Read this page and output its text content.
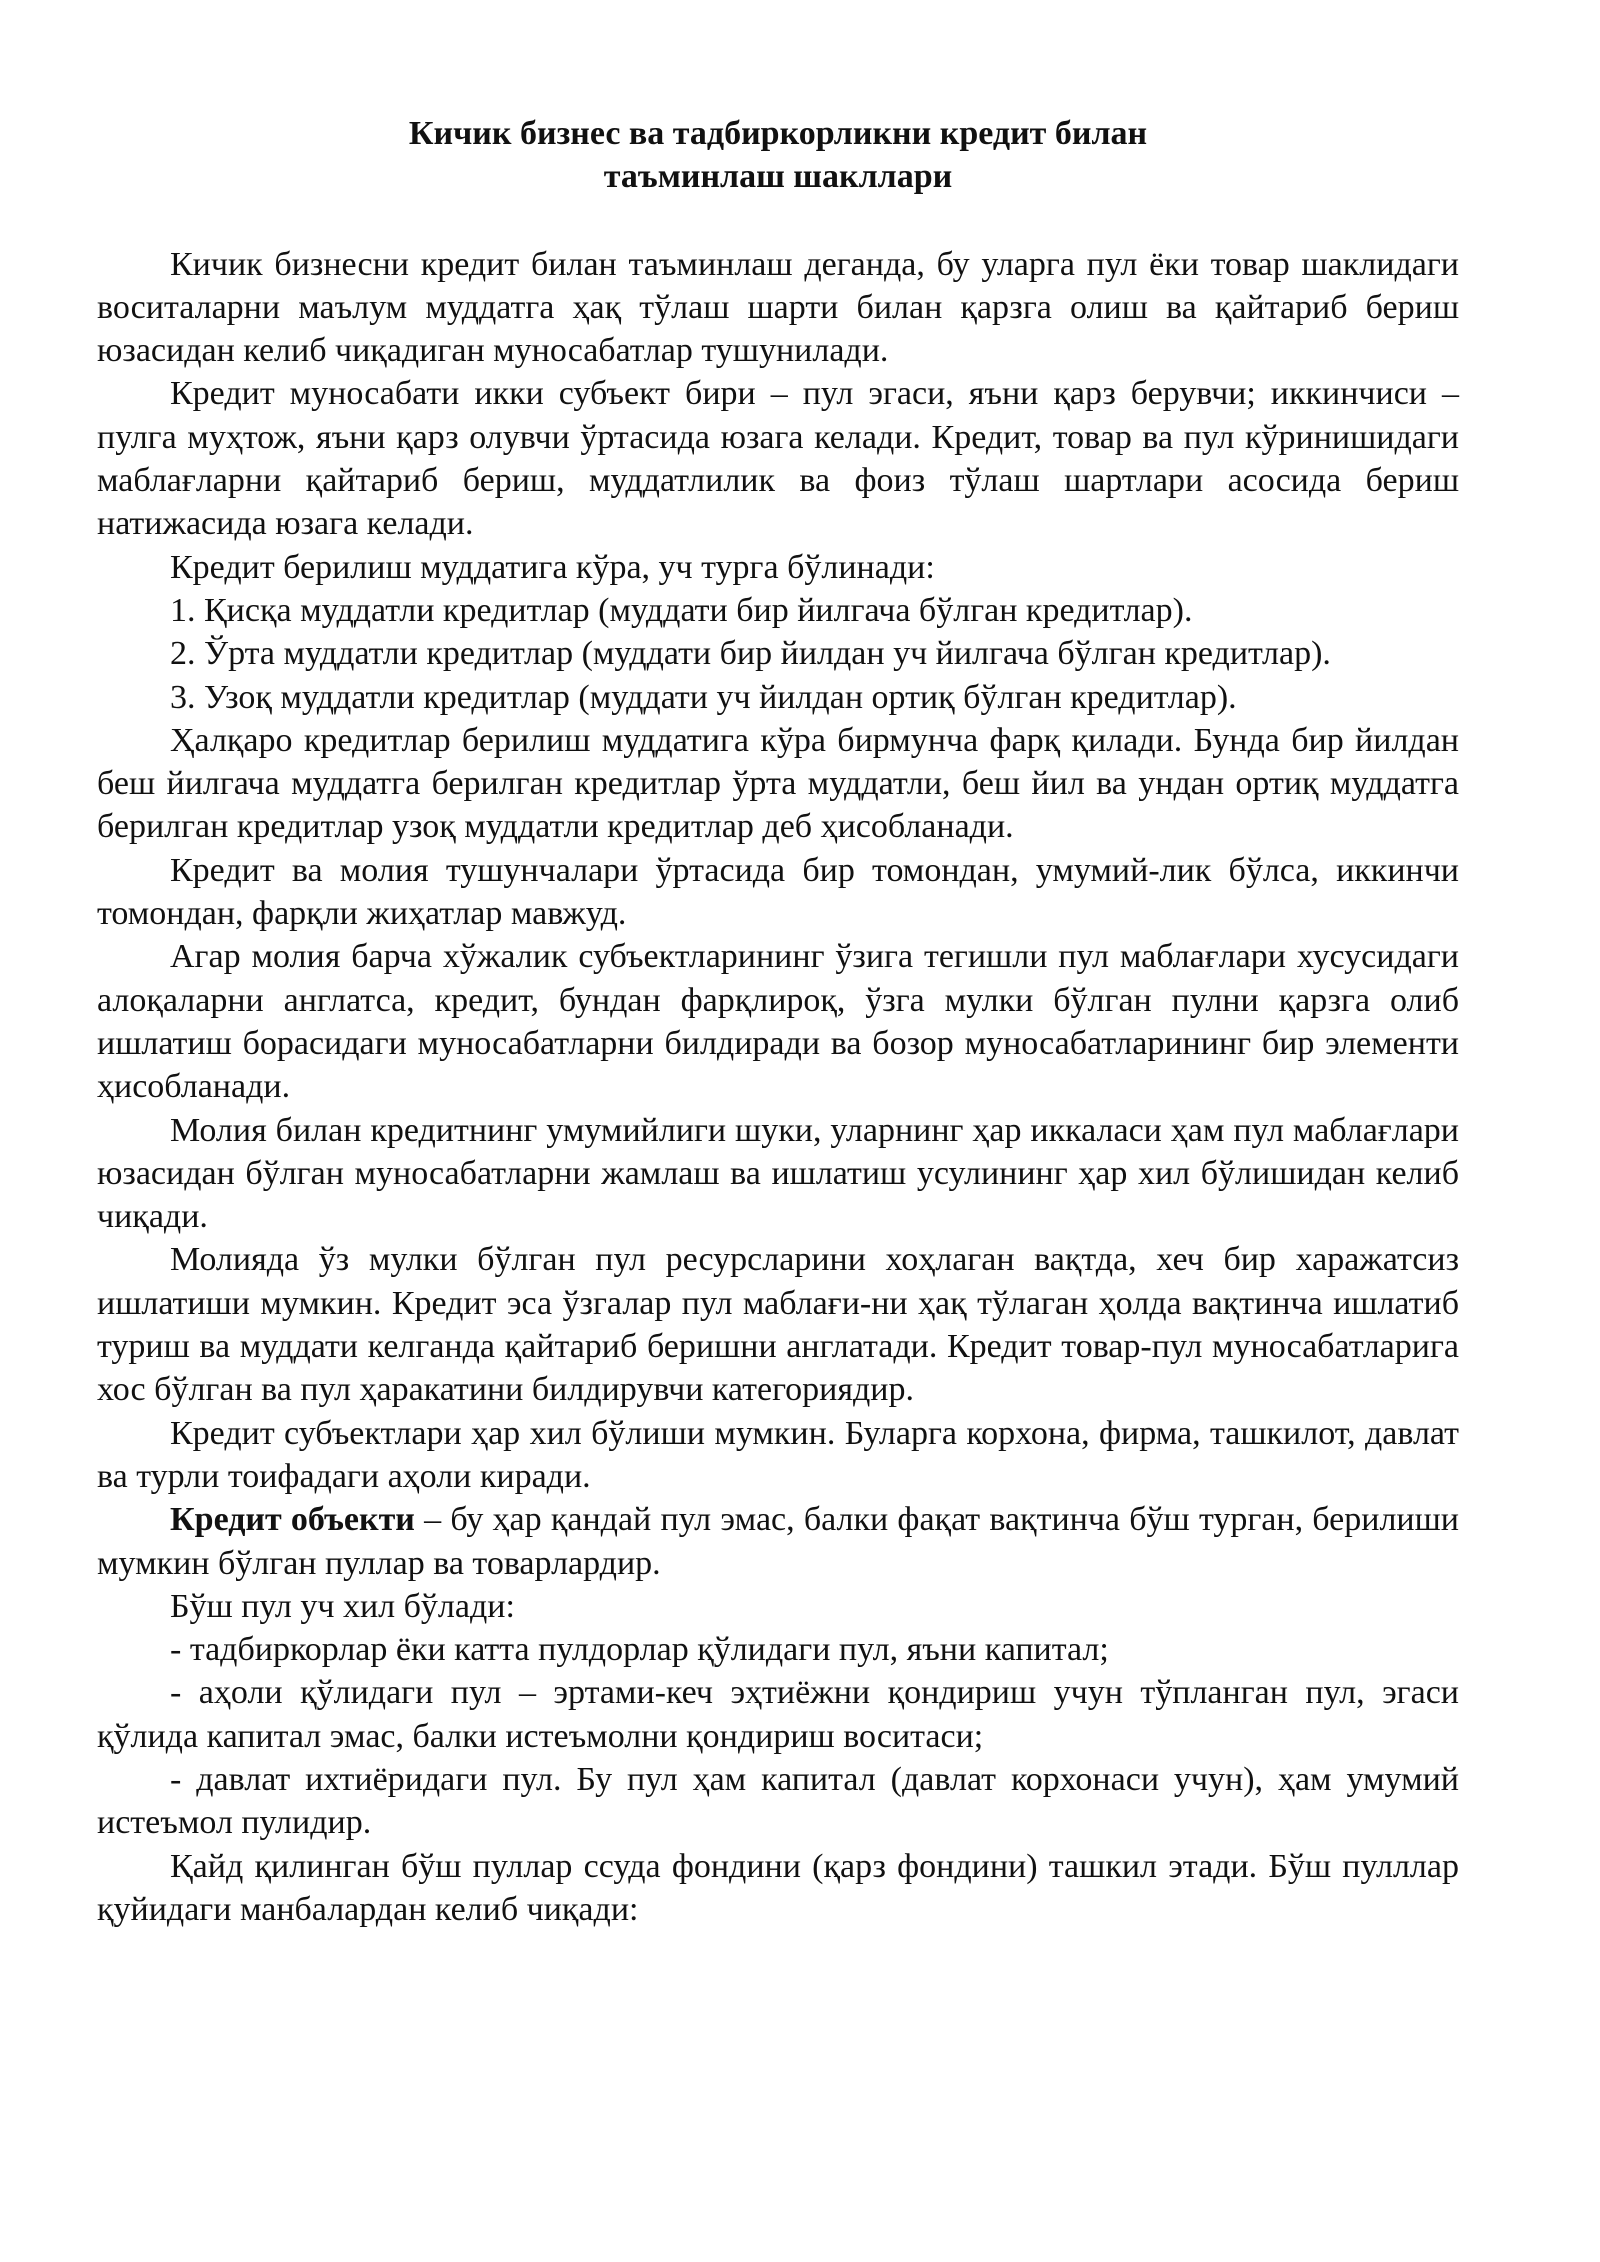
Кичик бизнес ва тадбиркорликни кредит билан
таъминлаш шакллари

Кичик бизнесни кредит билан таъминлаш деганда, бу уларга пул ёки товар шаклидаги воситаларни маълум муддатга ҳақ тўлаш шарти билан қарзга олиш ва қайтариб бериш юзасидан келиб чиқадиган муносабатлар тушунилади.

Кредит муносабати икки субъект бири – пул эгаси, яъни қарз берувчи; иккинчиси – пулга муҳтож, яъни қарз олувчи ўртасида юзага келади. Кредит, товар ва пул кўринишидаги маблағларни қайтариб бериш, муддатлилик ва фоиз тўлаш шартлари асосида бериш натижасида юзага келади.

Кредит берилиш муддатига кўра, уч турга бўлинади:

1. Қисқа муддатли кредитлар (муддати бир йилгача бўлган кредитлар).

2. Ўрта муддатли кредитлар (муддати бир йилдан уч йилгача бўлган кредитлар).

3. Узоқ муддатли кредитлар (муддати уч йилдан ортиқ бўлган кредитлар).

Ҳалқаро кредитлар берилиш муддатига кўра бирмунча фарқ қилади. Бунда бир йилдан беш йилгача муддатга берилган кредитлар ўрта муддатли, беш йил ва ундан ортиқ муддатга берилган кредитлар узоқ муддатли кредитлар деб ҳисобланади.

Кредит ва молия тушунчалари ўртасида бир томондан, умумий-лик бўлса, иккинчи томондан, фарқли жиҳатлар мавжуд.

Агар молия барча хўжалик субъектларининг ўзига тегишли пул маблағлари хусусидаги алоқаларни англатса, кредит, бундан фарқлироқ, ўзга мулки бўлган пулни қарзга олиб ишлатиш борасидаги муносабатларни билдиради ва бозор муносабатларининг бир элементи ҳисобланади.

Молия билан кредитнинг умумийлиги шуки, уларнинг ҳар иккаласи ҳам пул маблағлари юзасидан бўлган муносабатларни жамлаш ва ишлатиш усулининг ҳар хил бўлишидан келиб чиқади.

Молияда ўз мулки бўлган пул ресурсларини хоҳлаган вақтда, хеч бир харажатсиз ишлатиши мумкин. Кредит эса ўзгалар пул маблағи-ни ҳақ тўлаган ҳолда вақтинча ишлатиб туриш ва муддати келганда қайтариб беришни англатади. Кредит товар-пул муносабатларига хос бўлган ва пул ҳаракатини билдирувчи категориядир.

Кредит субъектлари ҳар хил бўлиши мумкин. Буларга корхона, фирма, ташкилот, давлат ва турли тоифадаги аҳоли киради.

Кредит объекти – бу ҳар қандай пул эмас, балки фақат вақтинча бўш турган, берилиши мумкин бўлган пуллар ва товарлардир.

Бўш пул уч хил бўлади:

- тадбиркорлар ёки катта пулдорлар қўлидаги пул, яъни капитал;

- аҳоли қўлидаги пул – эртами-кеч эҳтиёжни қондириш учун тўпланган пул, эгаси қўлида капитал эмас, балки истеъмолни қондириш воситаси;

- давлат ихтиёридаги пул. Бу пул ҳам капитал (давлат корхонаси учун), ҳам умумий истеъмол пулидир.

Қайд қилинган бўш пуллар ссуда фондини (қарз фондини) ташкил этади. Бўш пулллар қуйидаги манбалардан келиб чиқади:
